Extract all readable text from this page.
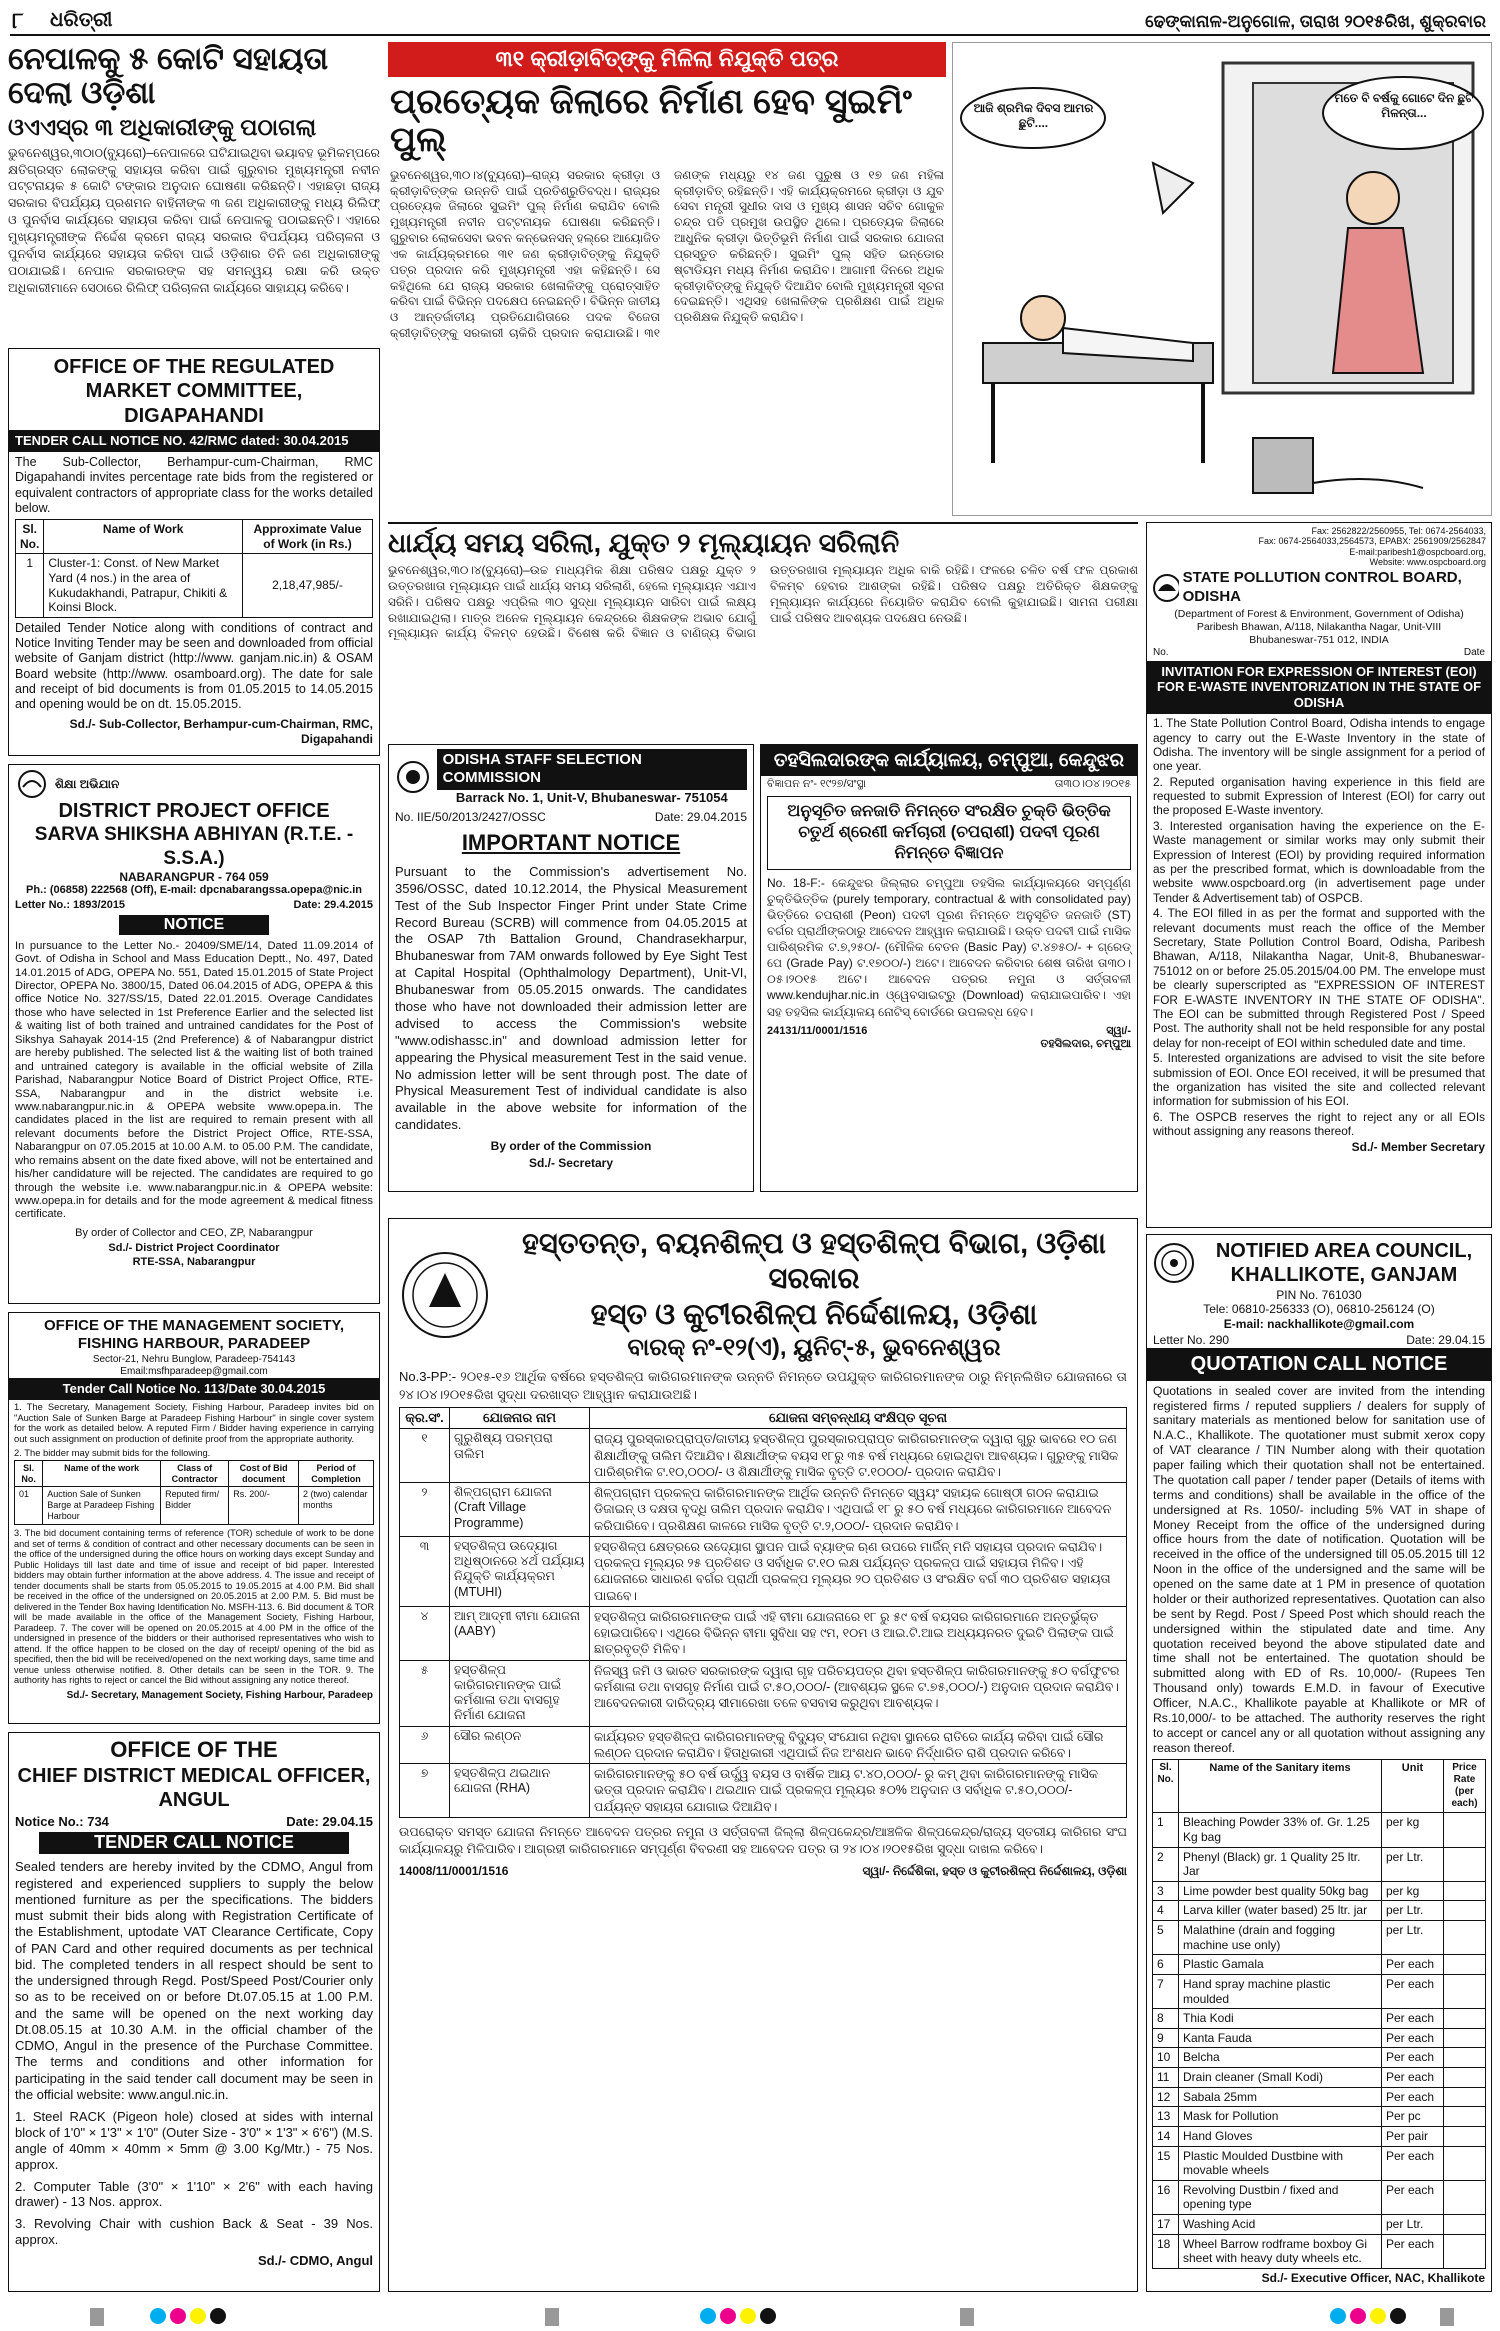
୮ ଧରିତ୍ରୀ	ଢେଙ୍କାନାଳ-ଅନୁଗୋଳ, ତାରାଖ ୨୦୧୫ରିଖ, ଶୁକ୍ରବାର
ନେପାଳକୁ ୫ କୋଟି ସହାୟତା ଦେଲା ଓଡ଼ିଶା
ଓଏଏସ୍‌ର ୩ ଅଧିକାରୀଙ୍କୁ ପଠାଗଲା
ଭୁବନେଶ୍ୱର,୩୦ାଠ(ବ୍ୟୁରୋ)–ନେପାଳରେ ଘଟିଯାଇଥିବା ଭୟାବହ ଭୂମିକମ୍ପରେ କ୍ଷତିଗ୍ରସ୍ତ ଲୋକଙ୍କୁ ସହାୟତା କରିବା ପାଇଁ ଗୁରୁବାର ମୁଖ୍ୟମନ୍ତ୍ରୀ ନବୀନ ପଟ୍ଟନାୟକ ୫ କୋଟି ଟଙ୍କାର ଅନୁଦାନ ଘୋଷଣା କରିଛନ୍ତି। ଏହାଛଡ଼ା ରାଜ୍ୟ ସରକାର ବିପର୍ଯ୍ୟୟ ପ୍ରଶମନ ବାହିନୀଙ୍କ ୩ ଜଣ ଅଧିକାରୀଙ୍କୁ ମଧ୍ୟ ରିଲିଫ୍ ଓ ପୁନର୍ବାସ କାର୍ଯ୍ୟରେ ସହାୟତା କରିବା ପାଇଁ ନେପାଳକୁ ପଠାଇଛନ୍ତି। ଏହାରେ ମୁଖ୍ୟମନ୍ତ୍ରୀଙ୍କ ନିର୍ଦ୍ଦେଶ କ୍ରମେ ରାଜ୍ୟ ସରକାର ବିପର୍ଯ୍ୟୟ ପରିଚାଳନା ଓ ପୁନର୍ବାସ କାର୍ଯ୍ୟରେ ସହାୟତା କରିବା ପାଇଁ ଓଡ଼ିଶାର ତିନି ଜଣ ଅଧିକାରୀଙ୍କୁ ପଠାଯାଇଛି। ନେପାଳ ସରକାରଙ୍କ ସହ ସମନ୍ୱୟ ରକ୍ଷା କରି ଉକ୍ତ ଅଧିକାରୀମାନେ ସେଠାରେ ରିଲିଫ୍ ପରିଚାଳନା କାର୍ଯ୍ୟରେ ସାହାଯ୍ୟ କରିବେ।
OFFICE OF THE REGULATED MARKET COMMITTEE, DIGAPAHANDI
TENDER CALL NOTICE NO. 42/RMC dated: 30.04.2015
The Sub-Collector, Berhampur-cum-Chairman, RMC Digapahandi invites percentage rate bids from the registered or equivalent contractors of appropriate class for the works detailed below.
Sl. No.	Name of Work	Approximate Value of Work (in Rs.)
1	Cluster-1: Const. of New Market Yard (4 nos.) in the area of Kukudakhandi, Patrapur, Chikiti & Koinsi Block.	2,18,47,985/-
Detailed Tender Notice along with conditions of contract and Notice Inviting Tender may be seen and downloaded from official website of Ganjam district (http://www. ganjam.nic.in) & OSAM Board website (http://www. osamboard.org). The date for sale and receipt of bid documents is from 01.05.2015 to 14.05.2015 and opening would be on dt. 15.05.2015.
Sd./- Sub-Collector, Berhampur-cum-Chairman, RMC, Digapahandi
ଶିକ୍ଷା ଅଭିଯାନ
DISTRICT PROJECT OFFICE
SARVA SHIKSHA ABHIYAN (R.T.E. - S.S.A.)
NABARANGPUR - 764 059
Ph.: (06858) 222568 (Off), E-mail: dpcnabarangssa.opepa@nic.in
Letter No.: 1893/2015	Date: 29.4.2015
NOTICE
In pursuance to the Letter No.- 20409/SME/14, Dated 11.09.2014 of Govt. of Odisha in School and Mass Education Deptt., No. 497, Dated 14.01.2015 of ADG, OPEPA No. 551, Dated 15.01.2015 of State Project Director, OPEPA No. 3800/15, Dated 06.04.2015 of ADG, OPEPA & this office Notice No. 327/SS/15, Dated 22.01.2015. Overage Candidates those who have selected in 1st Preference Earlier and the selected list & waiting list of both trained and untrained candidates for the Post of Sikshya Sahayak 2014-15 (2nd Preference) & of Nabarangpur district are hereby published. The selected list & the waiting list of both trained and untrained category is available in the official website of Zilla Parishad, Nabarangpur Notice Board of District Project Office, RTE-SSA, Nabarangpur and in the district website i.e. www.nabarangpur.nic.in & OPEPA website www.opepa.in. The candidates placed in the list are required to remain present with all relevant documents before the District Project Office, RTE-SSA, Nabarangpur on 07.05.2015 at 10.00 A.M. to 05.00 P.M. The candidate, who remains absent on the date fixed above, will not be entertained and his/her candidature will be rejected. The candidates are required to go through the website i.e. www.nabarangpur.nic.in & OPEPA website: www.opepa.in for details and for the mode agreement & medical fitness certificate.
By order of Collector and CEO, ZP, Nabarangpur
Sd./- District Project Coordinator
RTE-SSA, Nabarangpur
OFFICE OF THE MANAGEMENT SOCIETY, FISHING HARBOUR, PARADEEP
Sector-21, Nehru Bunglow, Paradeep-754143
Email:msfhparadeep@gmail.com
Tender Call Notice No. 113/Date 30.04.2015
1. The Secretary, Management Society, Fishing Harbour, Paradeep invites bid on "Auction Sale of Sunken Barge at Paradeep Fishing Harbour" in single cover system for the work as detailed below. A reputed Firm / Bidder having experience in carrying out such assignment on production of definite proof from the appropriate authority.
2. The bidder may submit bids for the following.
Sl. No.	Name of the work	Class of Contractor	Cost of Bid document	Period of Completion
01	Auction Sale of Sunken Barge at Paradeep Fishing Harbour	Reputed firm/ Bidder	Rs. 200/-	2 (two) calendar months
3. The bid document containing terms of reference (TOR) schedule of work to be done and set of terms & condition of contract and other necessary documents can be seen in the office of the undersigned during the office hours on working days except Sunday and Public Holidays till last date and time of issue and receipt of bid paper. Interested bidders may obtain further information at the above address. 4. The issue and receipt of tender documents shall be starts from 05.05.2015 to 19.05.2015 at 4.00 P.M. Bid shall be received in the office of the undersigned on 20.05.2015 at 2.00 P.M. 5. Bid must be delivered in the Tender Box having Identification No. MSFH-113. 6. Bid document & TOR will be made available in the office of the Management Society, Fishing Harbour, Paradeep. 7. The cover will be opened on 20.05.2015 at 4.00 PM in the office of the undersigned in presence of the bidders or their authorised representatives who wish to attend. If the office happen to be closed on the day of receipt/ opening of the bid as specified, then the bid will be received/opened on the next working days, same time and venue unless otherwise notified. 8. Other details can be seen in the TOR. 9. The authority has rights to reject or cancel the Bid without assigning any notice thereof.
Sd./- Secretary, Management Society, Fishing Harbour, Paradeep
OFFICE OF THE
CHIEF DISTRICT MEDICAL OFFICER, ANGUL
Notice No.: 734	Date: 29.04.15
TENDER CALL NOTICE
Sealed tenders are hereby invited by the CDMO, Angul from registered and experienced suppliers to supply the below mentioned furniture as per the specifications. The bidders must submit their bids along with Registration Certificate of the Establishment, uptodate VAT Clearance Certificate, Copy of PAN Card and other required documents as per technical bid. The completed tenders in all respect should be sent to the undersigned through Regd. Post/Speed Post/Courier only so as to be received on or before Dt.07.05.15 at 1.00 P.M. and the same will be opened on the next working day Dt.08.05.15 at 10.30 A.M. in the official chamber of the CDMO, Angul in the presence of the Purchase Committee. The terms and conditions and other information for participating in the said tender call document may be seen in the official website: www.angul.nic.in.
1. Steel RACK (Pigeon hole) closed at sides with internal block of 1'0" × 1'3" × 1'0" (Outer Size - 3'0" × 1'3" × 6'6") (M.S. angle of 40mm × 40mm × 5mm @ 3.00 Kg/Mtr.) - 75 Nos. approx.
2. Computer Table (3'0" × 1'10" × 2'6" with each having drawer) - 13 Nos. approx.
3. Revolving Chair with cushion Back & Seat - 39 Nos. approx.
Sd./- CDMO, Angul
୩୧ କ୍ରୀଡ଼ାବିତ୍‌ଙ୍କୁ ମିଳିଲା ନିଯୁକ୍ତି ପତ୍ର
ପ୍ରତ୍ୟେକ ଜିଲାରେ ନିର୍ମାଣ ହେବ ସୁଇମିଂ ପୁଲ୍
ଭୁବନେଶ୍ୱର,୩୦।୪(ବ୍ୟୁରୋ)–ରାଜ୍ୟ ସରକାର କ୍ରୀଡ଼ା ଓ କ୍ରୀଡ଼ାବିତ୍‌ଙ୍କ ଉନ୍ନତି ପାଇଁ ପ୍ରତିଶ୍ରୁତିବଦ୍ଧ। ରାଜ୍ୟର ପ୍ରତ୍ୟେକ ଜିଲାରେ ସୁଇମିଂ ପୁଲ୍ ନିର୍ମାଣ କରାଯିବ ବୋଲି ମୁଖ୍ୟମନ୍ତ୍ରୀ ନବୀନ ପଟ୍ଟନାୟକ ଘୋଷଣା କରିଛନ୍ତି। ଗୁରୁବାର ଲୋକସେବା ଭବନ କନ୍‌ଭେନସନ୍ ହଲ୍‌ରେ ଆୟୋଜିତ ଏକ କାର୍ଯ୍ୟକ୍ରମରେ ୩୧ ଜଣ କ୍ରୀଡ଼ାବିତ୍‌ଙ୍କୁ ନିଯୁକ୍ତି ପତ୍ର ପ୍ରଦାନ କରି ମୁଖ୍ୟମନ୍ତ୍ରୀ ଏହା କହିଛନ୍ତି। ସେ କହିଥିଲେ ଯେ ରାଜ୍ୟ ସରକାର ଖେଳାଳିଙ୍କୁ ପ୍ରୋତ୍ସାହିତ କରିବା ପାଇଁ ବିଭିନ୍ନ ପଦକ୍ଷେପ ନେଇଛନ୍ତି। ବିଭିନ୍ନ ଜାତୀୟ ଓ ଆନ୍ତର୍ଜାତୀୟ ପ୍ରତିଯୋଗିତାରେ ପଦକ ବିଜେତା କ୍ରୀଡ଼ାବିତ୍‌ଙ୍କୁ ସରକାରୀ ଚାକିରି ପ୍ରଦାନ କରାଯାଉଛି। ୩୧ ଜଣଙ୍କ ମଧ୍ୟରୁ ୧୪ ଜଣ ପୁରୁଷ ଓ ୧୭ ଜଣ ମହିଳା କ୍ରୀଡ଼ାବିତ୍ ରହିଛନ୍ତି। ଏହି କାର୍ଯ୍ୟକ୍ରମରେ କ୍ରୀଡ଼ା ଓ ଯୁବ ସେବା ମନ୍ତ୍ରୀ ସୁଧୀର ଦାସ ଓ ମୁଖ୍ୟ ଶାସନ ସଚିବ ଗୋକୁଳ ଚନ୍ଦ୍ର ପତି ପ୍ରମୁଖ ଉପସ୍ଥିତ ଥିଲେ। ପ୍ରତ୍ୟେକ ଜିଲାରେ ଆଧୁନିକ କ୍ରୀଡ଼ା ଭିତ୍ତିଭୂମି ନିର୍ମାଣ ପାଇଁ ସରକାର ଯୋଜନା ପ୍ରସ୍ତୁତ କରିଛନ୍ତି। ସୁଇମିଂ ପୁଲ୍ ସହିତ ଇନ୍‌ଡୋର ଷ୍ଟାଡିୟମ ମଧ୍ୟ ନିର୍ମାଣ କରାଯିବ। ଆଗାମୀ ଦିନରେ ଅଧିକ କ୍ରୀଡ଼ାବିତ୍‌ଙ୍କୁ ନିଯୁକ୍ତି ଦିଆଯିବ ବୋଲି ମୁଖ୍ୟମନ୍ତ୍ରୀ ସୂଚନା ଦେଇଛନ୍ତି। ଏଥିସହ ଖେଳାଳିଙ୍କ ପ୍ରଶିକ୍ଷଣ ପାଇଁ ଅଧିକ ପ୍ରଶିକ୍ଷକ ନିଯୁକ୍ତି କରାଯିବ।
ଆଜି ଶ୍ରମିକ ଦିବସ ଆମର ଛୁଟି....
ମତେ ବି ବର୍ଷକୁ ଗୋଟେ ଦିନ ଛୁଟି ମିଳନ୍ତା...
ଧାର୍ଯ୍ୟ ସମୟ ସରିଲା, ଯୁକ୍ତ ୨ ମୂଲ୍ୟାୟନ ସରିଲାନି
ଭୁବନେଶ୍ୱର,୩୦।୪(ବ୍ୟୁରୋ)–ଉଚ୍ଚ ମାଧ୍ୟମିକ ଶିକ୍ଷା ପରିଷଦ ପକ୍ଷରୁ ଯୁକ୍ତ ୨ ଉତ୍ତରଖାତା ମୂଲ୍ୟାୟନ ପାଇଁ ଧାର୍ଯ୍ୟ ସମୟ ସରିଲାଣି, ହେଲେ ମୂଲ୍ୟାୟନ ଏଯାଏ ସରିନି। ପରିଷଦ ପକ୍ଷରୁ ଏପ୍ରିଲ ୩୦ ସୁଦ୍ଧା ମୂଲ୍ୟାୟନ ସାରିବା ପାଇଁ ଲକ୍ଷ୍ୟ ରଖାଯାଇଥିଲା। ମାତ୍ର ଅନେକ ମୂଲ୍ୟାୟନ କେନ୍ଦ୍ରରେ ଶିକ୍ଷକଙ୍କ ଅଭାବ ଯୋଗୁଁ ମୂଲ୍ୟାୟନ କାର୍ଯ୍ୟ ବିଳମ୍ବ ହେଉଛି। ବିଶେଷ କରି ବିଜ୍ଞାନ ଓ ବାଣିଜ୍ୟ ବିଭାଗ ଉତ୍ତରଖାତା ମୂଲ୍ୟାୟନ ଅଧିକ ବାକି ରହିଛି। ଫଳରେ ଚଳିତ ବର୍ଷ ଫଳ ପ୍ରକାଶ ବିଳମ୍ବ ହେବାର ଆଶଙ୍କା ରହିଛି। ପରିଷଦ ପକ୍ଷରୁ ଅତିରିକ୍ତ ଶିକ୍ଷକଙ୍କୁ ମୂଲ୍ୟାୟନ କାର୍ଯ୍ୟରେ ନିୟୋଜିତ କରାଯିବ ବୋଲି କୁହାଯାଇଛି। ସାମନା ପରୀକ୍ଷା ପାଇଁ ପରିଷଦ ଆବଶ୍ୟକ ପଦକ୍ଷେପ ନେଉଛି।
ODISHA STAFF SELECTION COMMISSION
Barrack No. 1, Unit-V, Bhubaneswar- 751054
No. IIE/50/2013/2427/OSSC	Date: 29.04.2015
IMPORTANT NOTICE
Pursuant to the Commission's advertisement No. 3596/OSSC, dated 10.12.2014, the Physical Measurement Test of the Sub Inspector Finger Print under State Crime Record Bureau (SCRB) will commence from 04.05.2015 at the OSAP 7th Battalion Ground, Chandrasekharpur, Bhubaneswar from 7AM onwards followed by Eye Sight Test at Capital Hospital (Ophthalmology Department), Unit-VI, Bhubaneswar from 05.05.2015 onwards. The candidates those who have not downloaded their admission letter are advised to access the Commission's website "www.odishassc.in" and download admission letter for appearing the Physical measurement Test in the said venue. No admission letter will be sent through post. The date of Physical Measurement Test of individual candidate is also available in the above website for information of the candidates.
By order of the Commission
Sd./- Secretary
ତହସିଲଦାରଙ୍କ କାର୍ଯ୍ୟାଳୟ, ଚମ୍ପୁଆ, କେନ୍ଦୁଝର
ବିଜ୍ଞାପନ ନଂ- ୧୯୨୭/ସଂସ୍ଥା	ତା୩୦।୦୪।୨୦୧୫
ଅନୁସୂଚିତ ଜନଜାତି ନିମନ୍ତେ ସଂରକ୍ଷିତ ଚୁକ୍ତି ଭିତ୍ତିକ ଚତୁର୍ଥ ଶ୍ରେଣୀ କର୍ମଚାରୀ (ଚପରାଶୀ) ପଦବୀ ପୂରଣ ନିମନ୍ତେ ବିଜ୍ଞାପନ
No. 18-F:- କେନ୍ଦୁଝର ଜିଲ୍ଲାର ଚମ୍ପୁଆ ତହସିଲ କାର୍ଯ୍ୟାଳୟରେ ସମ୍ପୂର୍ଣ୍ଣ ଚୁକ୍ତିଭିତ୍ତିକ (purely temporary, contractual & with consolidated pay) ଭିତ୍ତିରେ ଚପରାଶୀ (Peon) ପଦବୀ ପୂରଣ ନିମନ୍ତେ ଅନୁସୂଚିତ ଜନଜାତି (ST) ବର୍ଗର ପ୍ରାର୍ଥୀଙ୍କଠାରୁ ଆବେଦନ ଆହ୍ୱାନ କରାଯାଉଛି। ଉକ୍ତ ପଦବୀ ପାଇଁ ମାସିକ ପାରିଶ୍ରମିକ ଟ.୭,୨୫୦/- (ମୌଳିକ ବେତନ (Basic Pay) ଟ.୪୭୫୦/- + ଗ୍ରେଡ୍ ପେ (Grade Pay) ଟ.୧୭୦୦/-) ଅଟେ। ଆବେଦନ କରିବାର ଶେଷ ତାରିଖ ତା୩୦।୦୫।୨୦୧୫ ଅଟେ। ଆବେଦନ ପତ୍ରର ନମୁନା ଓ ସର୍ତ୍ତାବଳୀ www.kendujhar.nic.in ଓ୍ୱେବସାଇଟ୍‌ରୁ (Download) କରାଯାଇପାରିବ। ଏହା ସହ ତହସିଲ କାର୍ଯ୍ୟାଳୟ ନୋଟିସ୍ ବୋର୍ଡରେ ଉପଲବ୍ଧ ହେବ।
24131/11/0001/1516	ସ୍ୱା/-
ତହସିଲଦାର, ଚମ୍ପୁଆ
ହସ୍ତତନ୍ତ, ବୟନଶିଳ୍ପ ଓ ହସ୍ତଶିଳ୍ପ ବିଭାଗ, ଓଡ଼ିଶା ସରକାର
ହସ୍ତ ଓ କୁଟୀରଶିଳ୍ପ ନିର୍ଦ୍ଦେଶାଳୟ, ଓଡ଼ିଶା
ବାରକ୍ ନଂ-୧୨(ଏ), ୟୁନିଟ୍-୫, ଭୁବନେଶ୍ୱର
No.3-PP:- ୨୦୧୫-୧୬ ଆର୍ଥିକ ବର୍ଷରେ ହସ୍ତଶିଳ୍ପ କାରିଗରମାନଙ୍କ ଉନ୍ନତି ନିମନ୍ତେ ଉପଯୁକ୍ତ କାରିଗରମାନଙ୍କ ଠାରୁ ନିମ୍ନଲିଖିତ ଯୋଜନାରେ ତା ୨୪।୦୪।୨୦୧୫ରିଖ ସୁଦ୍ଧା ଦରଖାସ୍ତ ଆହ୍ୱାନ କରାଯାଉଅଛି।
କ୍ର.ସଂ.	ଯୋଜନାର ନାମ	ଯୋଜନା ସମ୍ବନ୍ଧୀୟ ସଂକ୍ଷିପ୍ତ ସୂଚନା
୧	ଗୁରୁଶିଷ୍ୟ ପରମ୍ପରା ତାଲିମ	ରାଜ୍ୟ ପୁରସ୍କାରପ୍ରାପ୍ତ/ଜାତୀୟ ହସ୍ତଶିଳ୍ପ ପୁରସ୍କାରପ୍ରାପ୍ତ କାରିଗରମାନଙ୍କ ଦ୍ୱାରା ଗୁରୁ ଭାବରେ ୧୦ ଜଣ ଶିକ୍ଷାର୍ଥୀଙ୍କୁ ତାଲିମ ଦିଆଯିବ। ଶିକ୍ଷାର୍ଥୀଙ୍କ ବୟସ ୧୮ରୁ ୩୫ ବର୍ଷ ମଧ୍ୟରେ ହୋଇଥିବା ଆବଶ୍ୟକ। ଗୁରୁଙ୍କୁ ମାସିକ ପାରିଶ୍ରମିକ ଟ.୧୦,୦୦୦/- ଓ ଶିକ୍ଷାର୍ଥୀଙ୍କୁ ମାସିକ ବୃତ୍ତି ଟ.୧୦୦୦/- ପ୍ରଦାନ କରାଯିବ।
୨	ଶିଳ୍ପଗ୍ରାମ ଯୋଜନା (Craft Village Programme)	ଶିଳ୍ପଗ୍ରାମ ପ୍ରକଳ୍ପ କାରିଗରମାନଙ୍କ ଆର୍ଥିକ ଉନ୍ନତି ନିମନ୍ତେ ସ୍ୱୟଂ ସହାୟକ ଗୋଷ୍ଠୀ ଗଠନ କରାଯାଇ ଡିଜାଇନ୍ ଓ ଦକ୍ଷତା ବୃଦ୍ଧି ତାଲିମ ପ୍ରଦାନ କରାଯିବ। ଏଥିପାଇଁ ୧୮ ରୁ ୫୦ ବର୍ଷ ମଧ୍ୟରେ କାରିଗରମାନେ ଆବେଦନ କରିପାରିବେ। ପ୍ରଶିକ୍ଷଣ କାଳରେ ମାସିକ ବୃତ୍ତି ଟ.୨,୦୦୦/- ପ୍ରଦାନ କରାଯିବ।
୩	ହସ୍ତଶିଳ୍ପ ଉଦ୍ୟୋଗ ଅଧିଷ୍ଠାନରେ ୪ର୍ଥ ପର୍ଯ୍ୟାୟ ନିଯୁକ୍ତି କାର୍ଯ୍ୟକ୍ରମ (MTUHI)	ହସ୍ତଶିଳ୍ପ କ୍ଷେତ୍ରରେ ଉଦ୍ୟୋଗ ସ୍ଥାପନ ପାଇଁ ବ୍ୟାଙ୍କ ଋଣ ଉପରେ ମାର୍ଜିନ୍ ମନି ସହାୟତା ପ୍ରଦାନ କରାଯିବ। ପ୍ରକଳ୍ପ ମୂଲ୍ୟର ୨୫ ପ୍ରତିଶତ ଓ ସର୍ବାଧିକ ଟ.୧୦ ଲକ୍ଷ ପର୍ଯ୍ୟନ୍ତ ପ୍ରକଳ୍ପ ପାଇଁ ସହାୟତା ମିଳିବ। ଏହି ଯୋଜନାରେ ସାଧାରଣ ବର୍ଗର ପ୍ରାର୍ଥୀ ପ୍ରକଳ୍ପ ମୂଲ୍ୟର ୨୦ ପ୍ରତିଶତ ଓ ସଂରକ୍ଷିତ ବର୍ଗ ୩୦ ପ୍ରତିଶତ ସହାୟତା ପାଇବେ।
୪	ଆମ୍ ଆଦ୍‌ମୀ ବୀମା ଯୋଜନା (AABY)	ହସ୍ତଶିଳ୍ପ କାରିଗରମାନଙ୍କ ପାଇଁ ଏହି ବୀମା ଯୋଜନାରେ ୧୮ ରୁ ୫୯ ବର୍ଷ ବୟସର କାରିଗରମାନେ ଅନ୍ତର୍ଭୁକ୍ତ ହୋଇପାରିବେ। ଏଥିରେ ବିଭିନ୍ନ ବୀମା ସୁବିଧା ସହ ୯ମ, ୧୦ମ ଓ ଆଇ.ଟି.ଆଇ ଅଧ୍ୟୟନରତ ଦୁଇଟି ପିଲାଙ୍କ ପାଇଁ ଛାତ୍ରବୃତ୍ତି ମିଳିବ।
୫	ହସ୍ତଶିଳ୍ପ କାରିଗରମାନଙ୍କ ପାଇଁ କର୍ମଶାଳା ତଥା ବାସଗୃହ ନିର୍ମାଣ ଯୋଜନା	ନିଜସ୍ୱ ଜମି ଓ ଭାରତ ସରକାରଙ୍କ ଦ୍ୱାରା ଗୃହ ପରିଚୟପତ୍ର ଥିବା ହସ୍ତଶିଳ୍ପ କାରିଗରମାନଙ୍କୁ ୫୦ ବର୍ଗଫୁଟର କର୍ମଶାଳା ତଥା ବାସଗୃହ ନିର୍ମାଣ ପାଇଁ ଟ.୫୦,୦୦୦/- (ଆବଶ୍ୟକ ସ୍ଥଳେ ଟ.୭୫,୦୦୦/-) ଅନୁଦାନ ପ୍ରଦାନ କରାଯିବ। ଆବେଦନକାରୀ ଦାରିଦ୍ର୍ୟ ସୀମାରେଖା ତଳେ ବସବାସ କରୁଥିବା ଆବଶ୍ୟକ।
୬	ସୌର ଲଣ୍ଠନ	କାର୍ଯ୍ୟରତ ହସ୍ତଶିଳ୍ପ କାରିଗରମାନଙ୍କୁ ବିଦ୍ୟୁତ୍ ସଂଯୋଗ ନଥିବା ସ୍ଥାନରେ ରାତିରେ କାର୍ଯ୍ୟ କରିବା ପାଇଁ ସୌର ଲଣ୍ଠନ ପ୍ରଦାନ କରାଯିବ। ହିତାଧିକାରୀ ଏଥିପାଇଁ ନିଜ ଅଂଶଧନ ଭାବେ ନିର୍ଦ୍ଧାରିତ ରାଶି ପ୍ରଦାନ କରିବେ।
୭	ହସ୍ତଶିଳ୍ପ ଥଇଥାନ ଯୋଜନା (RHA)	କାରିଗରମାନଙ୍କୁ ୫୦ ବର୍ଷ ଉର୍ଦ୍ଧ୍ୱ ବୟସ ଓ ବାର୍ଷିକ ଆୟ ଟ.୪୦,୦୦୦/- ରୁ କମ୍ ଥିବା କାରିଗରମାନଙ୍କୁ ମାସିକ ଭତ୍ତା ପ୍ରଦାନ କରାଯିବ। ଥଇଥାନ ପାଇଁ ପ୍ରକଳ୍ପ ମୂଲ୍ୟର ୫୦% ଅନୁଦାନ ଓ ସର୍ବାଧିକ ଟ.୫୦,୦୦୦/- ପର୍ଯ୍ୟନ୍ତ ସହାୟତା ଯୋଗାଇ ଦିଆଯିବ।
ଉପରୋକ୍ତ ସମସ୍ତ ଯୋଜନା ନିମନ୍ତେ ଆବେଦନ ପତ୍ରର ନମୁନା ଓ ସର୍ତ୍ତାବଳୀ ଜିଲ୍ଲା ଶିଳ୍ପକେନ୍ଦ୍ର/ଆଞ୍ଚଳିକ ଶିଳ୍ପକେନ୍ଦ୍ର/ରାଜ୍ୟ ସ୍ତରୀୟ କାରିଗର ସଂଘ କାର୍ଯ୍ୟାଳୟରୁ ମିଳିପାରିବ। ଆଗ୍ରହୀ କାରିଗରମାନେ ସମ୍ପୂର୍ଣ୍ଣ ବିବରଣୀ ସହ ଆବେଦନ ପତ୍ର ତା ୨୪।୦୪।୨୦୧୫ରିଖ ସୁଦ୍ଧା ଦାଖଲ କରିବେ।
14008/11/0001/1516	ସ୍ୱା/- ନିର୍ଦ୍ଦେଶିକା, ହସ୍ତ ଓ କୁଟୀରଶିଳ୍ପ ନିର୍ଦ୍ଦେଶାଳୟ, ଓଡ଼ିଶା
Fax: 2562822/2560955, Tel: 0674-2564033,
Fax: 0674-2564033,2564573, EPABX: 2561909/2562847
E-mail:paribesh1@ospcboard.org,
Website: www.ospcboard.org
STATE POLLUTION CONTROL BOARD, ODISHA
(Department of Forest & Environment, Government of Odisha)
Paribesh Bhawan, A/118, Nilakantha Nagar, Unit-VIII
Bhubaneswar-751 012, INDIA
No.	Date
INVITATION FOR EXPRESSION OF INTEREST (EOI) FOR E-WASTE INVENTORIZATION IN THE STATE OF ODISHA
1. The State Pollution Control Board, Odisha intends to engage agency to carry out the E-Waste Inventory in the state of Odisha. The inventory will be single assignment for a period of one year.
2. Reputed organisation having experience in this field are requested to submit Expression of Interest (EOI) for carry out the proposed E-Waste inventory.
3. Interested organisation having the experience on the E-Waste management or similar works may only submit their Expression of Interest (EOI) by providing required information as per the prescribed format, which is downloadable from the website www.ospcboard.org (in advertisement page under Tender & Advertisement tab) of OSPCB.
4. The EOI filled in as per the format and supported with the relevant documents must reach the office of the Member Secretary, State Pollution Control Board, Odisha, Paribesh Bhawan, A/118, Nilakantha Nagar, Unit-8, Bhubaneswar-751012 on or before 25.05.2015/04.00 PM. The envelope must be clearly superscripted as "EXPRESSION OF INTEREST FOR E-WASTE INVENTORY IN THE STATE OF ODISHA". The EOI can be submitted through Registered Post / Speed Post. The authority shall not be held responsible for any postal delay for non-receipt of EOI within scheduled date and time.
5. Interested organizations are advised to visit the site before submission of EOI. Once EOI received, it will be presumed that the organization has visited the site and collected relevant information for submission of his EOI.
6. The OSPCB reserves the right to reject any or all EOIs without assigning any reasons thereof.
Sd./- Member Secretary
NOTIFIED AREA COUNCIL,
KHALLIKOTE, GANJAM
PIN No. 761030
Tele: 06810-256333 (O), 06810-256124 (O)
E-mail: nackhallikote@gmail.com
Letter No. 290	Date: 29.04.15
QUOTATION CALL NOTICE
Quotations in sealed cover are invited from the intending registered firms / reputed suppliers / dealers for supply of sanitary materials as mentioned below for sanitation use of N.A.C., Khallikote. The quotationer must submit xerox copy of VAT clearance / TIN Number along with their quotation paper failing which their quotation shall not be entertained. The quotation call paper / tender paper (Details of items with terms and conditions) shall be available in the office of the undersigned at Rs. 1050/- including 5% VAT in shape of Money Receipt from the office of the undersigned during office hours from the date of notification. Quotation will be received in the office of the undersigned till 05.05.2015 till 12 Noon in the office of the undersigned and the same will be opened on the same date at 1 PM in presence of quotation holder or their authorized representatives. Quotation can also be sent by Regd. Post / Speed Post which should reach the undersigned within the stipulated date and time. Any quotation received beyond the above stipulated date and time shall not be entertained. The quotation should be submitted along with ED of Rs. 10,000/- (Rupees Ten Thousand only) towards E.M.D. in favour of Executive Officer, N.A.C., Khallikote payable at Khallikote or MR of Rs.10,000/- to be attached. The authority reserves the right to accept or cancel any or all quotation without assigning any reason thereof.
Sl. No.	Name of the Sanitary items	Unit	Price Rate (per each)
1	Bleaching Powder 33% of. Gr. 1.25 Kg bag	per kg	
2	Phenyl (Black) gr. 1 Quality 25 ltr. Jar	per Ltr.	
3	Lime powder best quality 50kg bag	per kg	
4	Larva killer (water based) 25 ltr. jar	per Ltr.	
5	Malathine (drain and fogging machine use only)	per Ltr.	
6	Plastic Gamala	Per each	
7	Hand spray machine plastic moulded	Per each	
8	Thia Kodi	Per each	
9	Kanta Fauda	Per each	
10	Belcha	Per each	
11	Drain cleaner (Small Kodi)	Per each	
12	Sabala 25mm	Per each	
13	Mask for Pollution	Per pc	
14	Hand Gloves	Per pair	
15	Plastic Moulded Dustbine with movable wheels	Per each	
16	Revolving Dustbin / fixed and opening type	Per each	
17	Washing Acid	per Ltr.	
18	Wheel Barrow rodframe boxboy Gi sheet with heavy duty wheels etc.	Per each	
Sd./- Executive Officer, NAC, Khallikote
